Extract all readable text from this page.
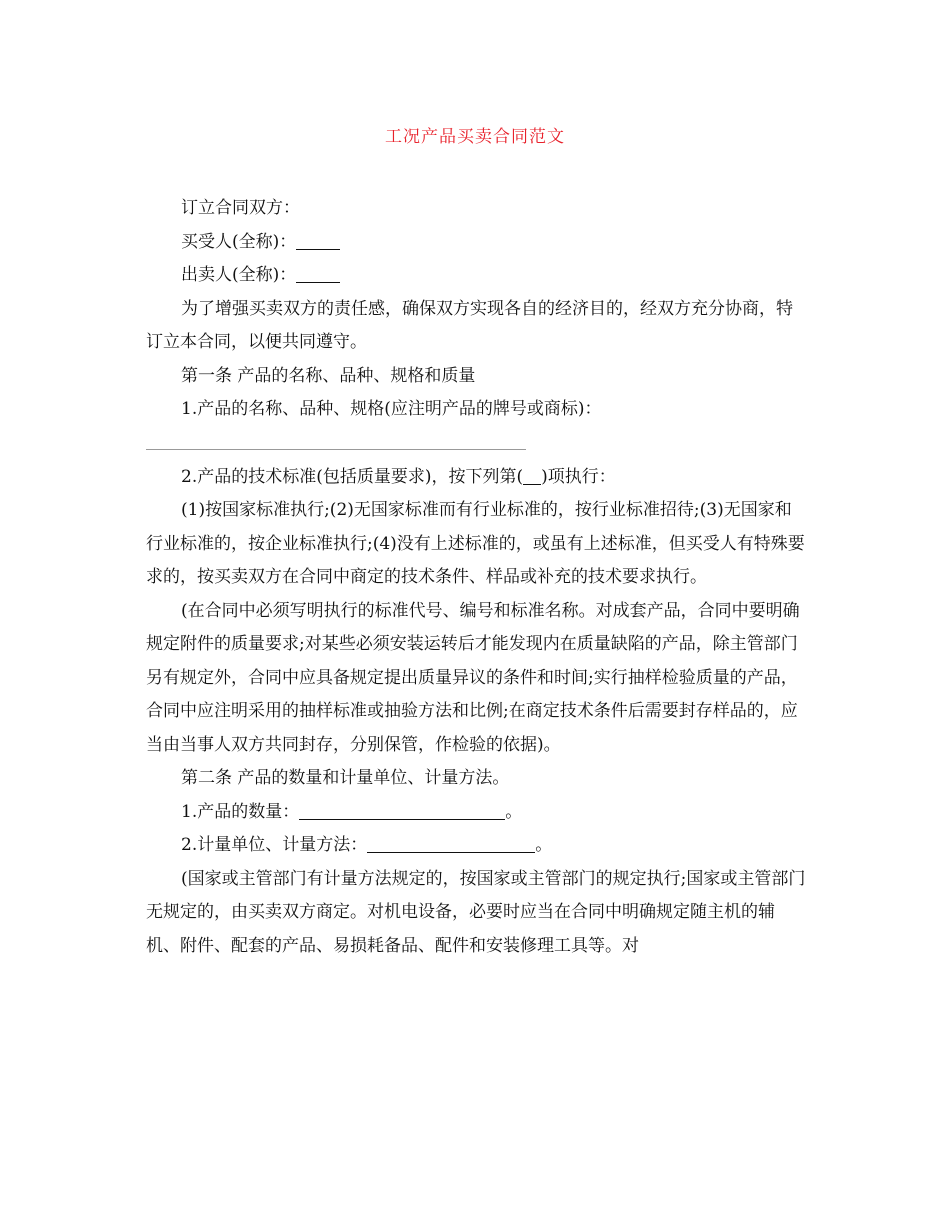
工况产品买卖合同范文

订立合同双方：

买受人(全称)：

出卖人(全称)：

为了增强买卖双方的责任感，确保双方实现各自的经济目的，经双方充分协商，特订立本合同，以便共同遵守。

第一条 产品的名称、品种、规格和质量

1.产品的名称、品种、规格(应注明产品的牌号或商标)：

2.产品的技术标准(包括质量要求)，按下列第( )项执行：

(1)按国家标准执行;(2)无国家标准而有行业标准的，按行业标准招待;(3)无国家和行业标准的，按企业标准执行;(4)没有上述标准的，或虽有上述标准，但买受人有特殊要求的，按买卖双方在合同中商定的技术条件、样品或补充的技术要求执行。

(在合同中必须写明执行的标准代号、编号和标准名称。对成套产品，合同中要明确规定附件的质量要求;对某些必须安装运转后才能发现内在质量缺陷的产品，除主管部门另有规定外，合同中应具备规定提出质量异议的条件和时间;实行抽样检验质量的产品，合同中应注明采用的抽样标准或抽验方法和比例;在商定技术条件后需要封存样品的，应当由当事人双方共同封存，分别保管，作检验的依据)。

第二条 产品的数量和计量单位、计量方法。

1.产品的数量：	。

2.计量单位、计量方法：	。

(国家或主管部门有计量方法规定的，按国家或主管部门的规定执行;国家或主管部门无规定的，由买卖双方商定。对机电设备，必要时应当在合同中明确规定随主机的辅机、附件、配套的产品、易损耗备品、配件和安装修理工具等。对
